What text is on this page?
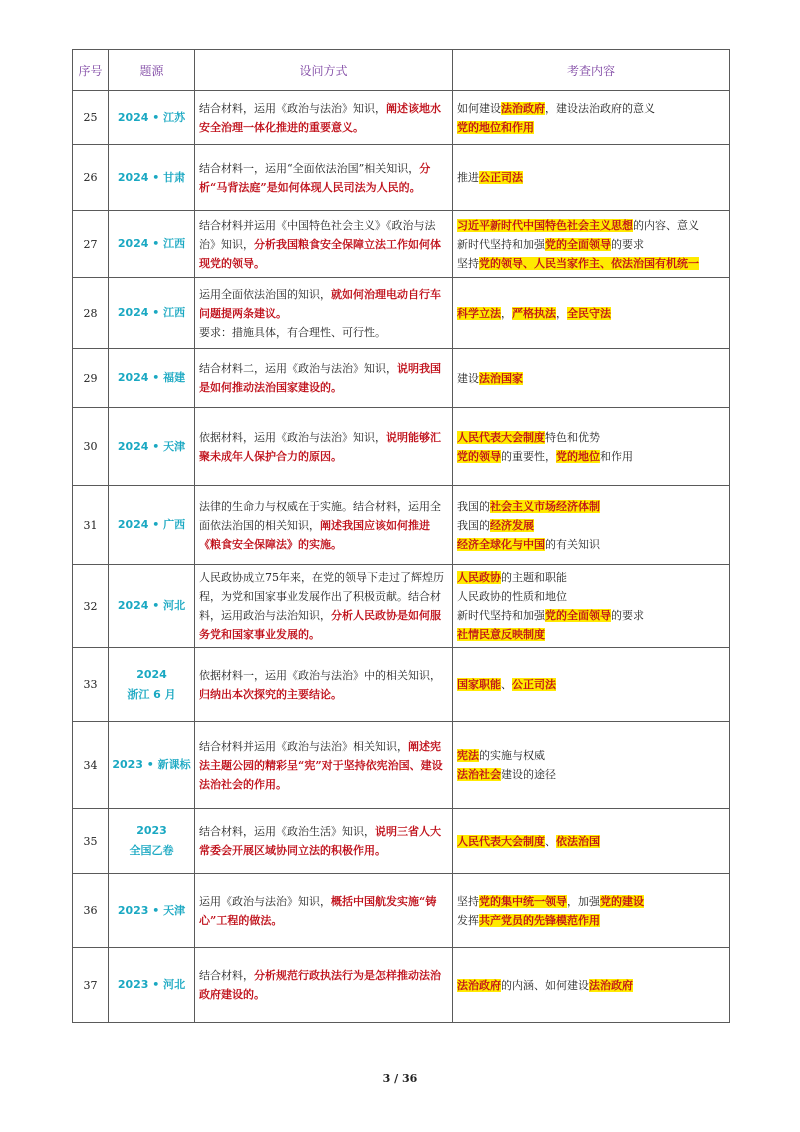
序号	题源	设问方式	考查内容
25	2024 • 江苏	结合材料，运用《政治与法治》知识，阐述该地水安全治理一体化推进的重要意义。	如何建设法治政府，建设法治政府的意义
党的地位和作用

26	2024 • 甘肃	结合材料一，运用“全面依法治国”相关知识，分析“马背法庭”是如何体现人民司法为人民的。	推进公正司法

27	2024 • 江西	结合材料并运用《中国特色社会主义》《政治与法治》知识，分析我国粮食安全保障立法工作如何体现党的领导。	习近平新时代中国特色社会主义思想的内容、意义
新时代坚持和加强党的全面领导的要求
坚持党的领导、人民当家作主、依法治国有机统一

28	2024 • 江西	运用全面依法治国的知识，就如何治理电动自行车问题提两条建议。
要求：措施具体，有合理性、可行性。	科学立法，严格执法，全民守法

29	2024 • 福建	结合材料二，运用《政治与法治》知识，说明我国是如何推动法治国家建设的。	建设法治国家

30	2024 • 天津	依据材料，运用《政治与法治》知识，说明能够汇聚未成年人保护合力的原因。	人民代表大会制度特色和优势
党的领导的重要性，党的地位和作用

31	2024 • 广西	法律的生命力与权威在于实施。结合材料，运用全面依法治国的相关知识，阐述我国应该如何推进《粮食安全保障法》的实施。	我国的社会主义市场经济体制
我国的经济发展
经济全球化与中国的有关知识

32	2024 • 河北	人民政协成立75年来，在党的领导下走过了辉煌历程，为党和国家事业发展作出了积极贡献。结合材料，运用政治与法治知识，分析人民政协是如何服务党和国家事业发展的。	人民政协的主题和职能
人民政协的性质和地位
新时代坚持和加强党的全面领导的要求
社情民意反映制度

33	2024
浙江 6 月	依据材料一，运用《政治与法治》中的相关知识，归纳出本次探究的主要结论。	国家职能、公正司法

34	2023 • 新课标	结合材料并运用《政治与法治》相关知识，阐述宪法主题公园的精彩呈“宪”对于坚持依宪治国、建设法治社会的作用。	宪法的实施与权威
法治社会建设的途径

35	2023
全国乙卷	结合材料，运用《政治生活》知识，说明三省人大常委会开展区域协同立法的积极作用。	人民代表大会制度、依法治国

36	2023 • 天津	运用《政治与法治》知识，概括中国航发实施“铸心”工程的做法。	坚持党的集中统一领导，加强党的建设
发挥共产党员的先锋模范作用

37	2023 • 河北	结合材料，分析规范行政执法行为是怎样推动法治政府建设的。	法治政府的内涵、如何建设法治政府
3 / 36
